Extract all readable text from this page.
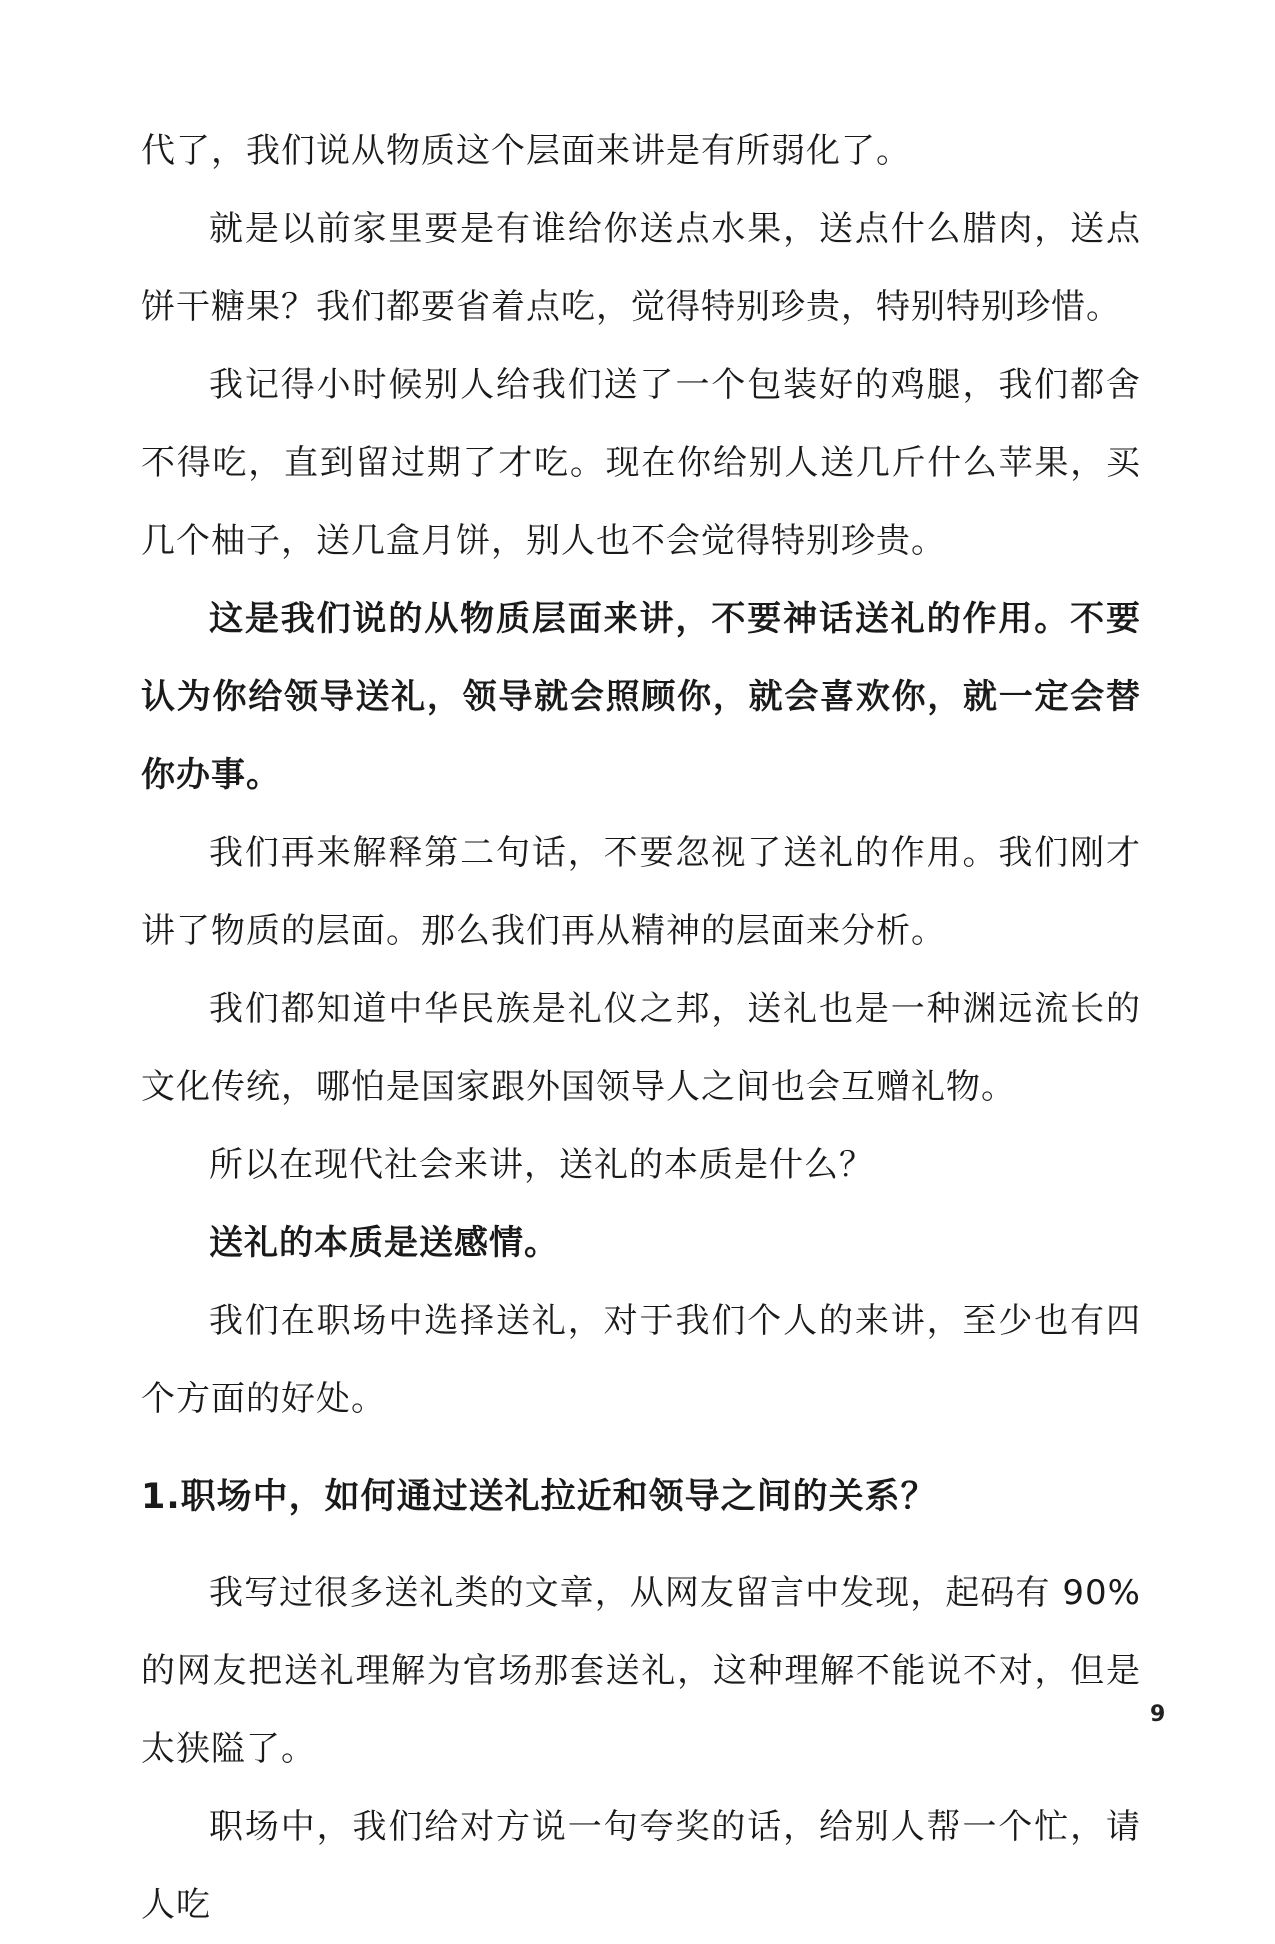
代了，我们说从物质这个层面来讲是有所弱化了。

就是以前家里要是有谁给你送点水果，送点什么腊肉，送点饼干糖果？我们都要省着点吃，觉得特别珍贵，特别特别珍惜。

我记得小时候别人给我们送了一个包装好的鸡腿，我们都舍不得吃，直到留过期了才吃。现在你给别人送几斤什么苹果，买几个柚子，送几盒月饼，别人也不会觉得特别珍贵。

这是我们说的从物质层面来讲，不要神话送礼的作用。不要认为你给领导送礼，领导就会照顾你，就会喜欢你，就一定会替你办事。

我们再来解释第二句话，不要忽视了送礼的作用。我们刚才讲了物质的层面。那么我们再从精神的层面来分析。

我们都知道中华民族是礼仪之邦，送礼也是一种渊远流长的文化传统，哪怕是国家跟外国领导人之间也会互赠礼物。

所以在现代社会来讲，送礼的本质是什么？

送礼的本质是送感情。

我们在职场中选择送礼，对于我们个人的来讲，至少也有四个方面的好处。

1.职场中，如何通过送礼拉近和领导之间的关系？

我写过很多送礼类的文章，从网友留言中发现，起码有 90%的网友把送礼理解为官场那套送礼，这种理解不能说不对，但是太狭隘了。

职场中，我们给对方说一句夸奖的话，给别人帮一个忙，请人吃

9
